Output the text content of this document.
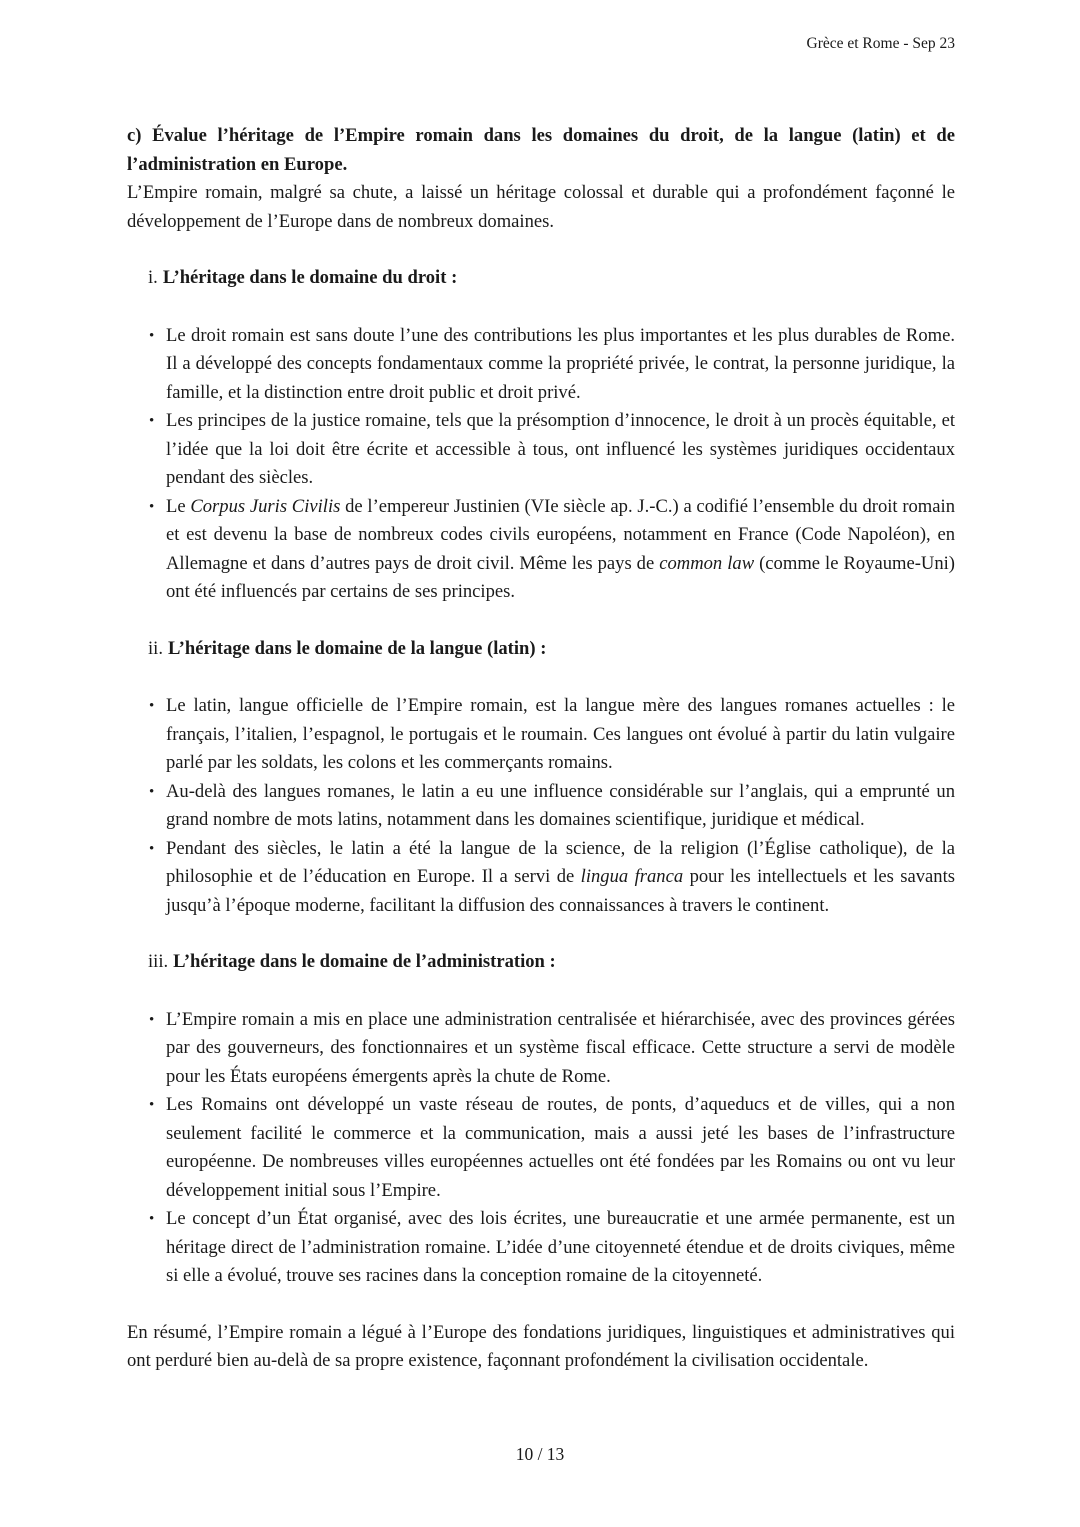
Grèce et Rome - Sep 23
c) Évalue l’héritage de l’Empire romain dans les domaines du droit, de la langue (latin) et de l’administration en Europe.

L’Empire romain, malgré sa chute, a laissé un héritage colossal et durable qui a profondément façonné le développement de l’Europe dans de nombreux domaines.

i. L’héritage dans le domaine du droit :
• Le droit romain est sans doute l’une des contributions les plus importantes et les plus durables de Rome. Il a développé des concepts fondamentaux comme la propriété privée, le contrat, la personne juridique, la famille, et la distinction entre droit public et droit privé.
• Les principes de la justice romaine, tels que la présomption d’innocence, le droit à un procès équitable, et l’idée que la loi doit être écrite et accessible à tous, ont influencé les systèmes juridiques occidentaux pendant des siècles.
• Le Corpus Juris Civilis de l’empereur Justinien (VIe siècle ap. J.-C.) a codifié l’ensemble du droit romain et est devenu la base de nombreux codes civils européens, notamment en France (Code Napoléon), en Allemagne et dans d’autres pays de droit civil. Même les pays de common law (comme le Royaume-Uni) ont été influencés par certains de ses principes.
ii. L’héritage dans le domaine de la langue (latin) :
• Le latin, langue officielle de l’Empire romain, est la langue mère des langues romanes actuelles : le français, l’italien, l’espagnol, le portugais et le roumain. Ces langues ont évolué à partir du latin vulgaire parlé par les soldats, les colons et les commerçants romains.
• Au-delà des langues romanes, le latin a eu une influence considérable sur l’anglais, qui a emprunté un grand nombre de mots latins, notamment dans les domaines scientifique, juridique et médical.
• Pendant des siècles, le latin a été la langue de la science, de la religion (l’Église catholique), de la philosophie et de l’éducation en Europe. Il a servi de lingua franca pour les intellectuels et les savants jusqu’à l’époque moderne, facilitant la diffusion des connaissances à travers le continent.
iii. L’héritage dans le domaine de l’administration :
• L’Empire romain a mis en place une administration centralisée et hiérarchisée, avec des provinces gérées par des gouverneurs, des fonctionnaires et un système fiscal efficace. Cette structure a servi de modèle pour les États européens émergents après la chute de Rome.
• Les Romains ont développé un vaste réseau de routes, de ponts, d’aqueducs et de villes, qui a non seulement facilité le commerce et la communication, mais a aussi jeté les bases de l’infrastructure européenne. De nombreuses villes européennes actuelles ont été fondées par les Romains ou ont vu leur développement initial sous l’Empire.
• Le concept d’un État organisé, avec des lois écrites, une bureaucratie et une armée permanente, est un héritage direct de l’administration romaine. L’idée d’une citoyenneté étendue et de droits civiques, même si elle a évolué, trouve ses racines dans la conception romaine de la citoyenneté.

En résumé, l’Empire romain a légué à l’Europe des fondations juridiques, linguistiques et administratives qui ont perduré bien au-delà de sa propre existence, façonnant profondément la civilisation occidentale.

10 / 13
